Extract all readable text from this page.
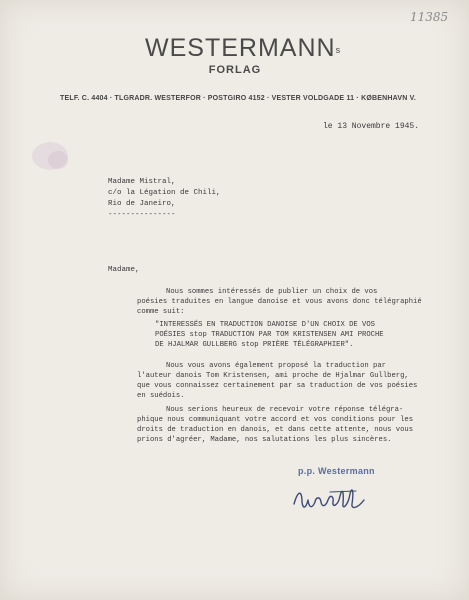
11385
WESTERMANN$^s$
FORLAG
TELF. C. 4404 · TLGRADR. WESTERFOR · POSTGIRO 4152 · VESTER VOLDGADE 11 · KØBENHAVN V.
le 13 Novembre 1945.
Madame Mistral,
c/o la Légation de Chili,
Rio de Janeiro,
---------------
Madame,
Nous sommes intéressés de publier un choix de vos
poésies traduites en langue danoise et vous avons donc télégraphié
comme suit:
"INTERESSÉS EN TRADUCTION DANOISE D'UN CHOIX DE VOS
POÉSIES stop TRADUCTION PAR TOM KRISTENSEN AMI PROCHE
DE HJALMAR GULLBERG stop PRIÈRE TÉLÉGRAPHIER".
Nous vous avons également proposé la traduction par
l'auteur danois Tom Kristensen, ami proche de Hjalmar Gullberg,
que vous connaissez certainement par sa traduction de vos poésies
en suédois.
Nous serions heureux de recevoir votre réponse télégra-
phique nous communiquant votre accord et vos conditions pour les
droits de traduction en danois, et dans cette attente, nous vous
prions d'agréer, Madame, nos salutations les plus sincères.
p.p. Westermann
